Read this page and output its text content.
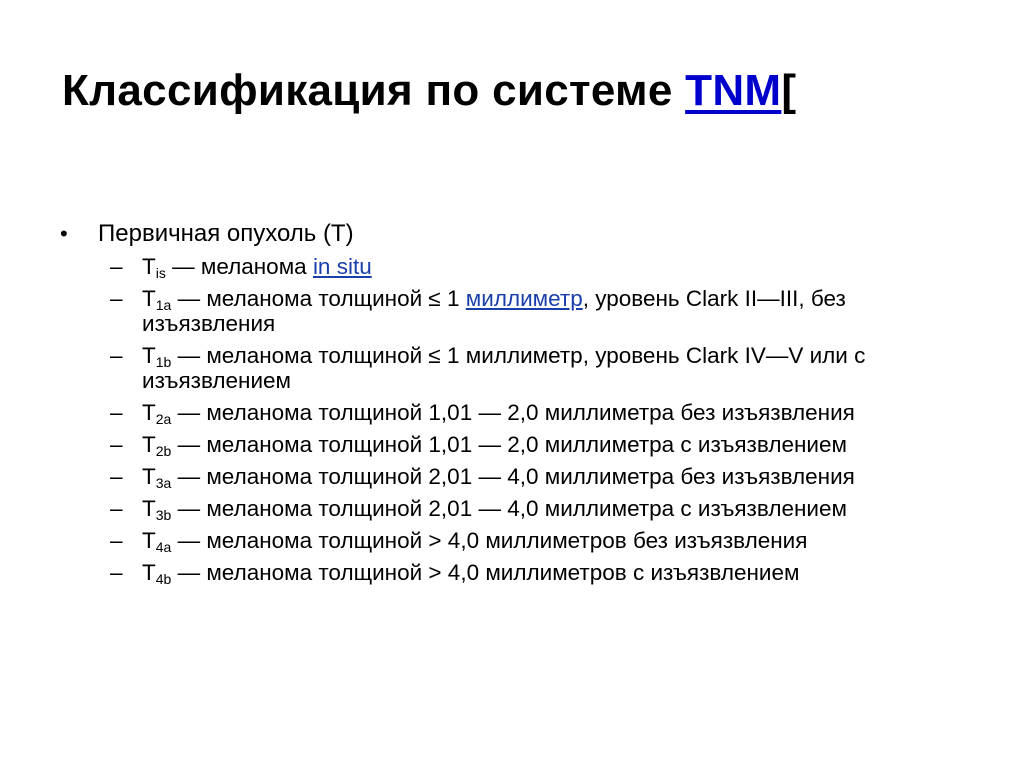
Классификация по системе TNM[
•	Первичная опухоль (T)
– $T_{is}$ — меланома in situ
– $T_{1a}$ — меланома толщиной ≤ 1 миллиметр, уровень Clark II—III, без изъязвления
– $T_{1b}$ — меланома толщиной ≤ 1 миллиметр, уровень Clark IV—V или с изъязвлением
– $T_{2a}$ — меланома толщиной 1,01 — 2,0 миллиметра без изъязвления
– $T_{2b}$ — меланома толщиной 1,01 — 2,0 миллиметра с изъязвлением
– $T_{3a}$ — меланома толщиной 2,01 — 4,0 миллиметра без изъязвления
– $T_{3b}$ — меланома толщиной 2,01 — 4,0 миллиметра с изъязвлением
– $T_{4a}$ — меланома толщиной > 4,0 миллиметров без изъязвления
– $T_{4b}$ — меланома толщиной > 4,0 миллиметров с изъязвлением
